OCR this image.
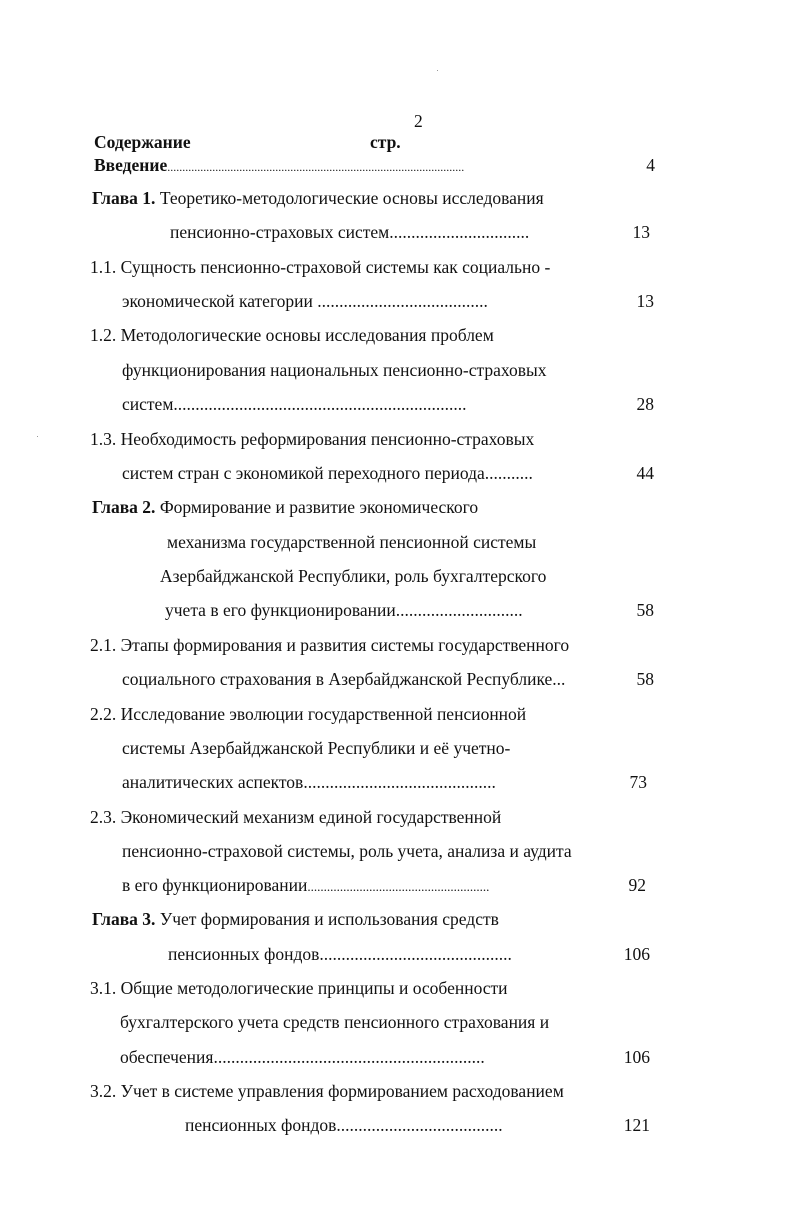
2
Содержание	стр.
Введение...................................................................................................	4
Глава 1. Теоретико-методологические основы исследования
пенсионно-страховых систем................................	13
1.1. Сущность пенсионно-страховой системы как социально -
экономической категории .......................................	13
1.2. Методологические основы исследования проблем
функционирования национальных пенсионно-страховых
систем...................................................................	28
1.3. Необходимость реформирования пенсионно-страховых
систем стран с экономикой переходного периода...........	44
Глава 2. Формирование и развитие экономического
механизма государственной пенсионной системы
Азербайджанской Республики, роль бухгалтерского
учета в его функционировании.............................	58
2.1. Этапы формирования и развития системы государственного
социального страхования в Азербайджанской Республике...	58
2.2. Исследование эволюции государственной пенсионной
системы Азербайджанской Республики и её учетно-
аналитических аспектов............................................	73
2.3. Экономический механизм единой государственной
пенсионно-страховой системы, роль учета, анализа и аудита
в его функционировании........................................................	92
Глава 3. Учет формирования и использования средств
пенсионных фондов............................................	106
3.1. Общие методологические принципы и особенности
бухгалтерского учета средств пенсионного страхования и
обеспечения..............................................................	106
3.2. Учет в системе управления формированием расходованием
пенсионных фондов......................................	121
